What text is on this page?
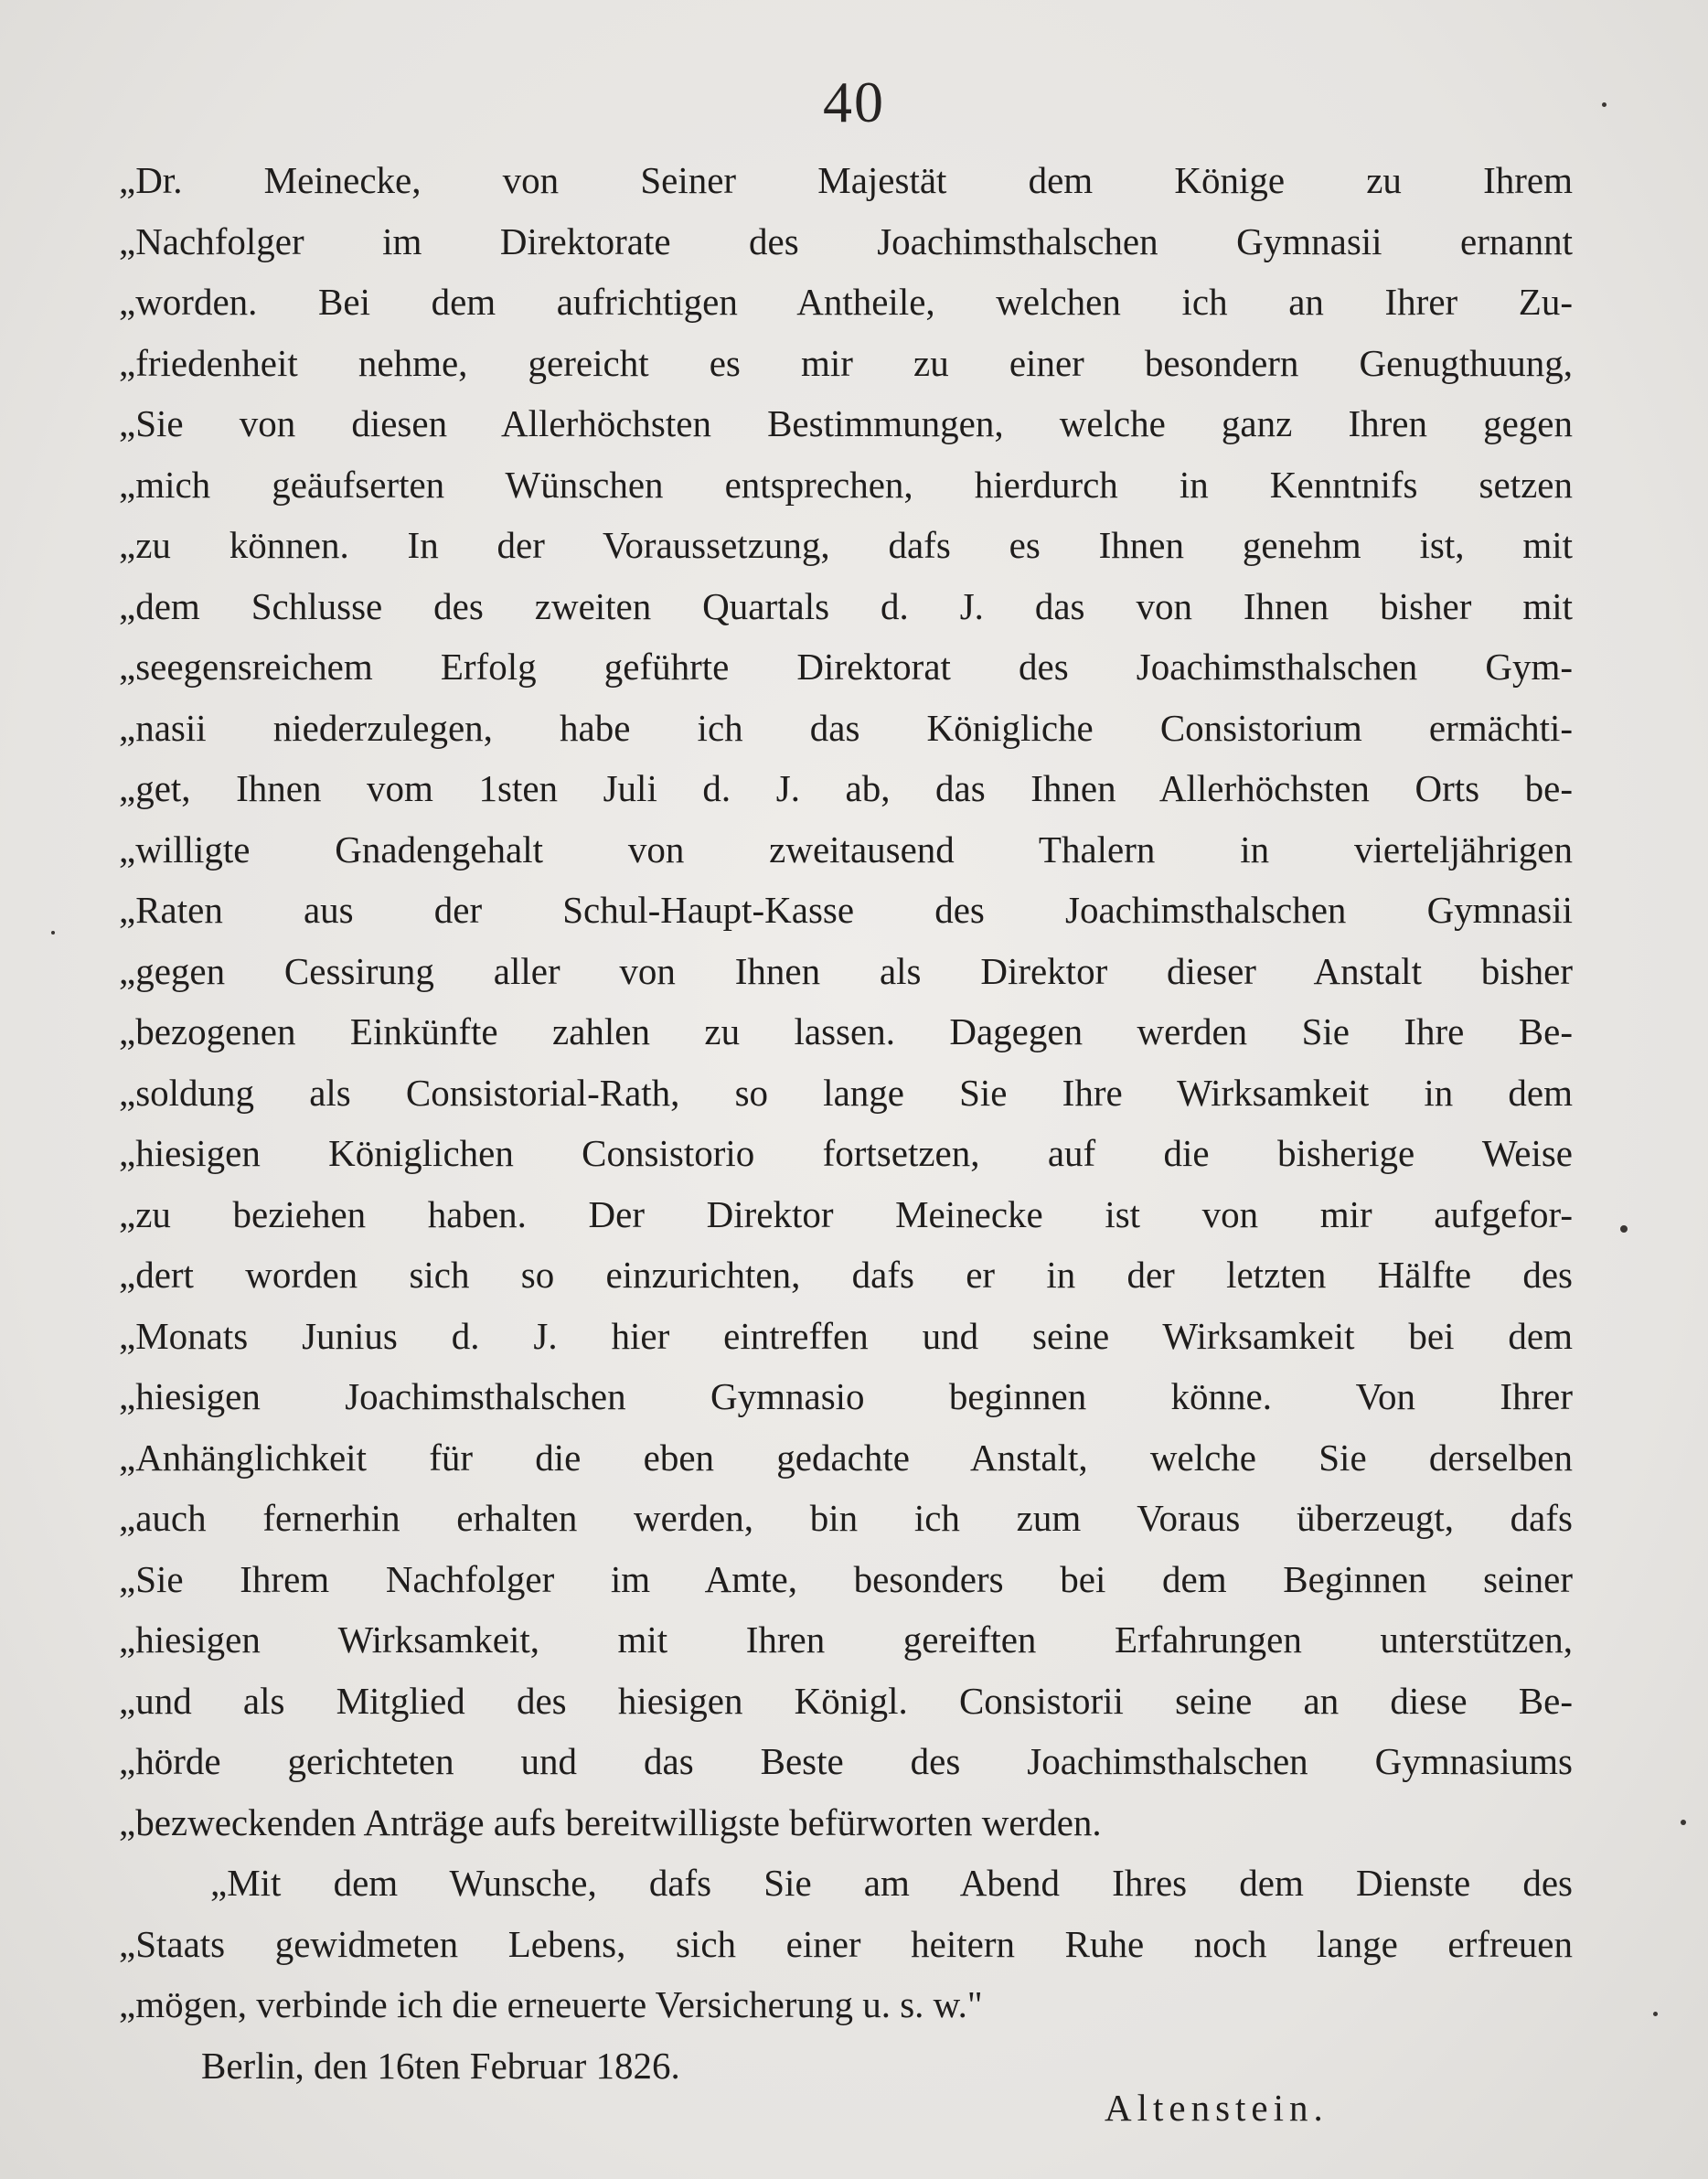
40
„Dr. Meinecke, von Seiner Majestät dem Könige zu Ihrem
„Nachfolger im Direktorate des Joachimsthalschen Gymnasii ernannt
„worden. Bei dem aufrichtigen Antheile, welchen ich an Ihrer Zu-
„friedenheit nehme, gereicht es mir zu einer besondern Genugthuung,
„Sie von diesen Allerhöchsten Bestimmungen, welche ganz Ihren gegen
„mich geäufserten Wünschen entsprechen, hierdurch in Kenntnifs setzen
„zu können. In der Voraussetzung, dafs es Ihnen genehm ist, mit
„dem Schlusse des zweiten Quartals d. J. das von Ihnen bisher mit
„seegensreichem Erfolg geführte Direktorat des Joachimsthalschen Gym-
„nasii niederzulegen, habe ich das Königliche Consistorium ermächti-
„get, Ihnen vom 1sten Juli d. J. ab, das Ihnen Allerhöchsten Orts be-
„willigte Gnadengehalt von zweitausend Thalern in vierteljährigen
„Raten aus der Schul-Haupt-Kasse des Joachimsthalschen Gymnasii
„gegen Cessirung aller von Ihnen als Direktor dieser Anstalt bisher
„bezogenen Einkünfte zahlen zu lassen. Dagegen werden Sie Ihre Be-
„soldung als Consistorial-Rath, so lange Sie Ihre Wirksamkeit in dem
„hiesigen Königlichen Consistorio fortsetzen, auf die bisherige Weise
„zu beziehen haben. Der Direktor Meinecke ist von mir aufgefor-
„dert worden sich so einzurichten, dafs er in der letzten Hälfte des
„Monats Junius d. J. hier eintreffen und seine Wirksamkeit bei dem
„hiesigen Joachimsthalschen Gymnasio beginnen könne. Von Ihrer
„Anhänglichkeit für die eben gedachte Anstalt, welche Sie derselben
„auch fernerhin erhalten werden, bin ich zum Voraus überzeugt, dafs
„Sie Ihrem Nachfolger im Amte, besonders bei dem Beginnen seiner
„hiesigen Wirksamkeit, mit Ihren gereiften Erfahrungen unterstützen,
„und als Mitglied des hiesigen Königl. Consistorii seine an diese Be-
„hörde gerichteten und das Beste des Joachimsthalschen Gymnasiums
„bezweckenden Anträge aufs bereitwilligste befürworten werden.
„Mit dem Wunsche, dafs Sie am Abend Ihres dem Dienste des
„Staats gewidmeten Lebens, sich einer heitern Ruhe noch lange erfreuen
„mögen, verbinde ich die erneuerte Versicherung u. s. w."
Berlin, den 16ten Februar 1826.
Altenstein.
